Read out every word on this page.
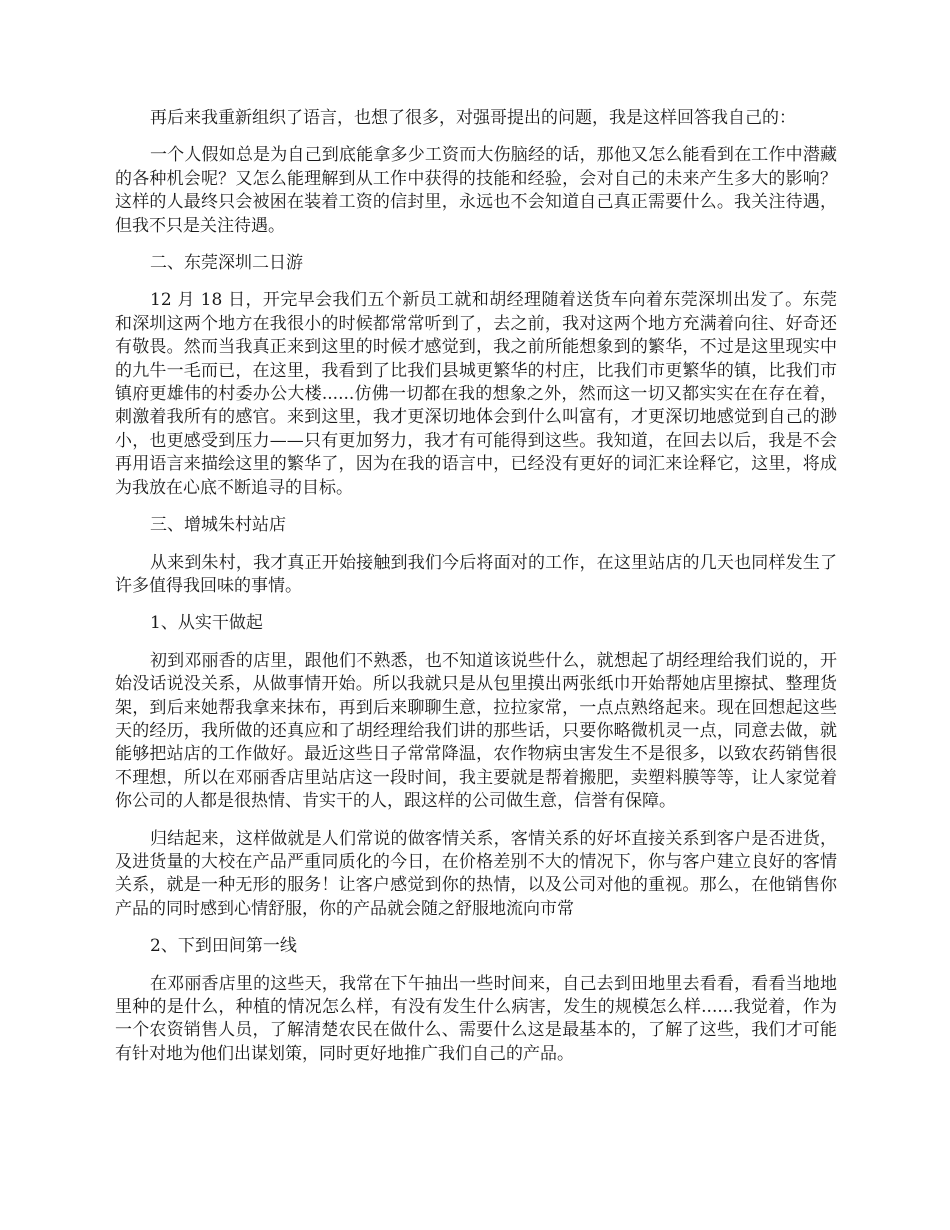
再后来我重新组织了语言，也想了很多，对强哥提出的问题，我是这样回答我自己的：

一个人假如总是为自己到底能拿多少工资而大伤脑经的话，那他又怎么能看到在工作中潜藏的各种机会呢？又怎么能理解到从工作中获得的技能和经验，会对自己的未来产生多大的影响？这样的人最终只会被困在装着工资的信封里，永远也不会知道自己真正需要什么。我关注待遇，但我不只是关注待遇。

二、东莞深圳二日游

12 月 18 日，开完早会我们五个新员工就和胡经理随着送货车向着东莞深圳出发了。东莞和深圳这两个地方在我很小的时候都常常听到了，去之前，我对这两个地方充满着向往、好奇还有敬畏。然而当我真正来到这里的时候才感觉到，我之前所能想象到的繁华，不过是这里现实中的九牛一毛而已，在这里，我看到了比我们县城更繁华的村庄，比我们市更繁华的镇，比我们市镇府更雄伟的村委办公大楼......仿佛一切都在我的想象之外，然而这一切又都实实在在存在着，刺激着我所有的感官。来到这里，我才更深切地体会到什么叫富有，才更深切地感觉到自己的渺小，也更感受到压力——只有更加努力，我才有可能得到这些。我知道，在回去以后，我是不会再用语言来描绘这里的繁华了，因为在我的语言中，已经没有更好的词汇来诠释它，这里，将成为我放在心底不断追寻的目标。

三、增城朱村站店

从来到朱村，我才真正开始接触到我们今后将面对的工作，在这里站店的几天也同样发生了许多值得我回味的事情。

1、从实干做起

初到邓丽香的店里，跟他们不熟悉，也不知道该说些什么，就想起了胡经理给我们说的，开始没话说没关系，从做事情开始。所以我就只是从包里摸出两张纸巾开始帮她店里擦拭、整理货架，到后来她帮我拿来抹布，再到后来聊聊生意，拉拉家常，一点点熟络起来。现在回想起这些天的经历，我所做的还真应和了胡经理给我们讲的那些话，只要你略微机灵一点，同意去做，就能够把站店的工作做好。最近这些日子常常降温，农作物病虫害发生不是很多，以致农药销售很不理想，所以在邓丽香店里站店这一段时间，我主要就是帮着搬肥，卖塑料膜等等，让人家觉着你公司的人都是很热情、肯实干的人，跟这样的公司做生意，信誉有保障。

归结起来，这样做就是人们常说的做客情关系，客情关系的好坏直接关系到客户是否进货，及进货量的大校在产品严重同质化的今日，在价格差别不大的情况下，你与客户建立良好的客情关系，就是一种无形的服务！让客户感觉到你的热情，以及公司对他的重视。那么，在他销售你产品的同时感到心情舒服，你的产品就会随之舒服地流向市常

2、下到田间第一线

在邓丽香店里的这些天，我常在下午抽出一些时间来，自己去到田地里去看看，看看当地地里种的是什么，种植的情况怎么样，有没有发生什么病害，发生的规模怎么样......我觉着，作为一个农资销售人员，了解清楚农民在做什么、需要什么这是最基本的，了解了这些，我们才可能有针对地为他们出谋划策，同时更好地推广我们自己的产品。
